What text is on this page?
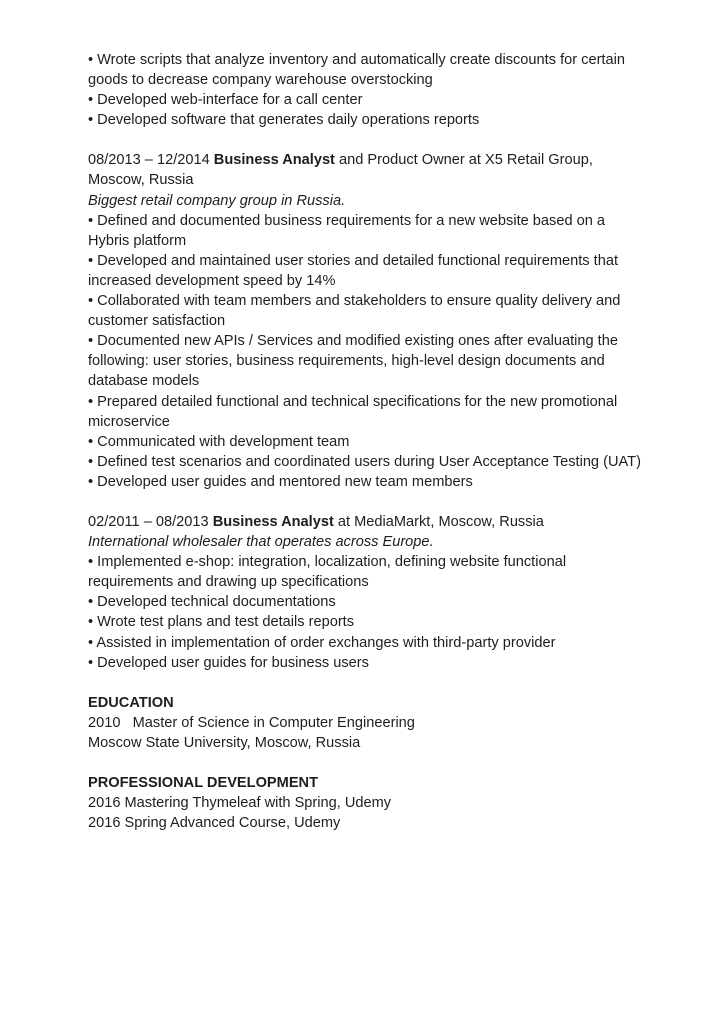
• Wrote scripts that analyze inventory and automatically create discounts for certain goods to decrease company warehouse overstocking
• Developed web-interface for a call center
• Developed software that generates daily operations reports
08/2013 – 12/2014 Business Analyst and Product Owner at X5 Retail Group, Moscow, Russia
Biggest retail company group in Russia.
• Defined and documented business requirements for a new website based on a Hybris platform
• Developed and maintained user stories and detailed functional requirements that increased development speed by 14%
• Collaborated with team members and stakeholders to ensure quality delivery and customer satisfaction
• Documented new APIs / Services and modified existing ones after evaluating the following: user stories, business requirements, high-level design documents and database models
• Prepared detailed functional and technical specifications for the new promotional microservice
• Communicated with development team
• Defined test scenarios and coordinated users during User Acceptance Testing (UAT)
• Developed user guides and mentored new team members
02/2011 – 08/2013 Business Analyst at MediaMarkt, Moscow, Russia
International wholesaler that operates across Europe.
• Implemented e-shop: integration, localization, defining website functional requirements and drawing up specifications
• Developed technical documentations
• Wrote test plans and test details reports
• Assisted in implementation of order exchanges with third-party provider
• Developed user guides for business users
EDUCATION
2010   Master of Science in Computer Engineering
Moscow State University, Moscow, Russia
PROFESSIONAL DEVELOPMENT
2016 Mastering Thymeleaf with Spring, Udemy
2016 Spring Advanced Course, Udemy
